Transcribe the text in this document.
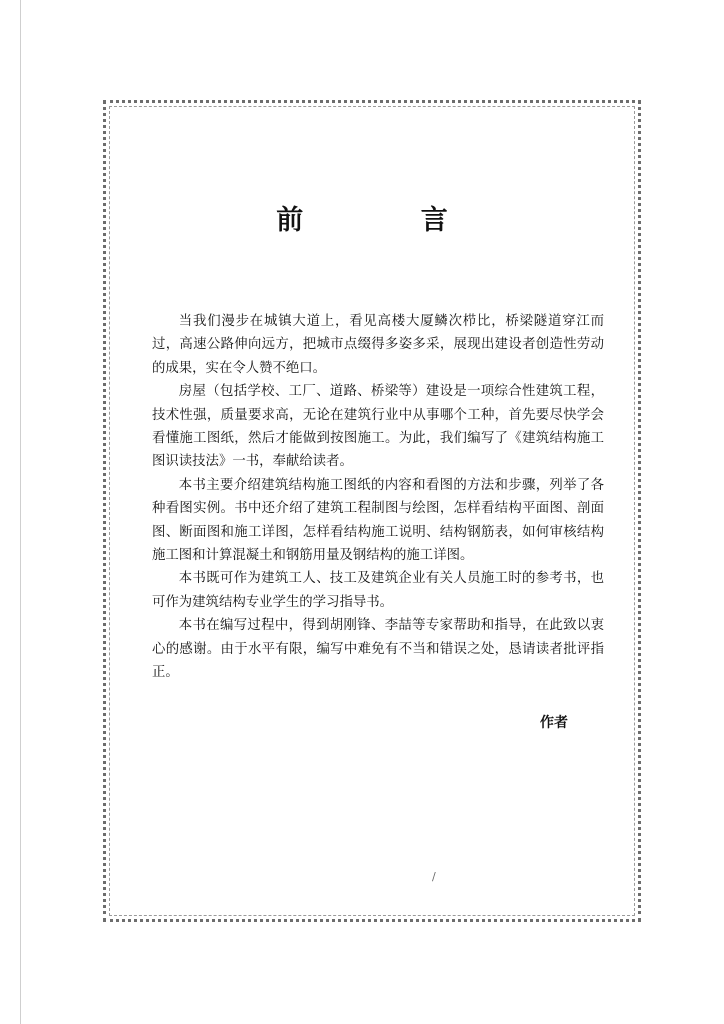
前 言

当我们漫步在城镇大道上，看见高楼大厦鳞次栉比，桥梁隧道穿江而过，高速公路伸向远方，把城市点缀得多姿多采，展现出建设者创造性劳动的成果，实在令人赞不绝口。

房屋（包括学校、工厂、道路、桥梁等）建设是一项综合性建筑工程，技术性强，质量要求高，无论在建筑行业中从事哪个工种，首先要尽快学会看懂施工图纸，然后才能做到按图施工。为此，我们编写了《建筑结构施工图识读技法》一书，奉献给读者。

本书主要介绍建筑结构施工图纸的内容和看图的方法和步骤，列举了各种看图实例。书中还介绍了建筑工程制图与绘图，怎样看结构平面图、剖面图、断面图和施工详图，怎样看结构施工说明、结构钢筋表，如何审核结构施工图和计算混凝土和钢筋用量及钢结构的施工详图。

本书既可作为建筑工人、技工及建筑企业有关人员施工时的参考书，也可作为建筑结构专业学生的学习指导书。

本书在编写过程中，得到胡刚锋、李喆等专家帮助和指导，在此致以衷心的感谢。由于水平有限，编写中难免有不当和错误之处，恳请读者批评指正。

作者
/
